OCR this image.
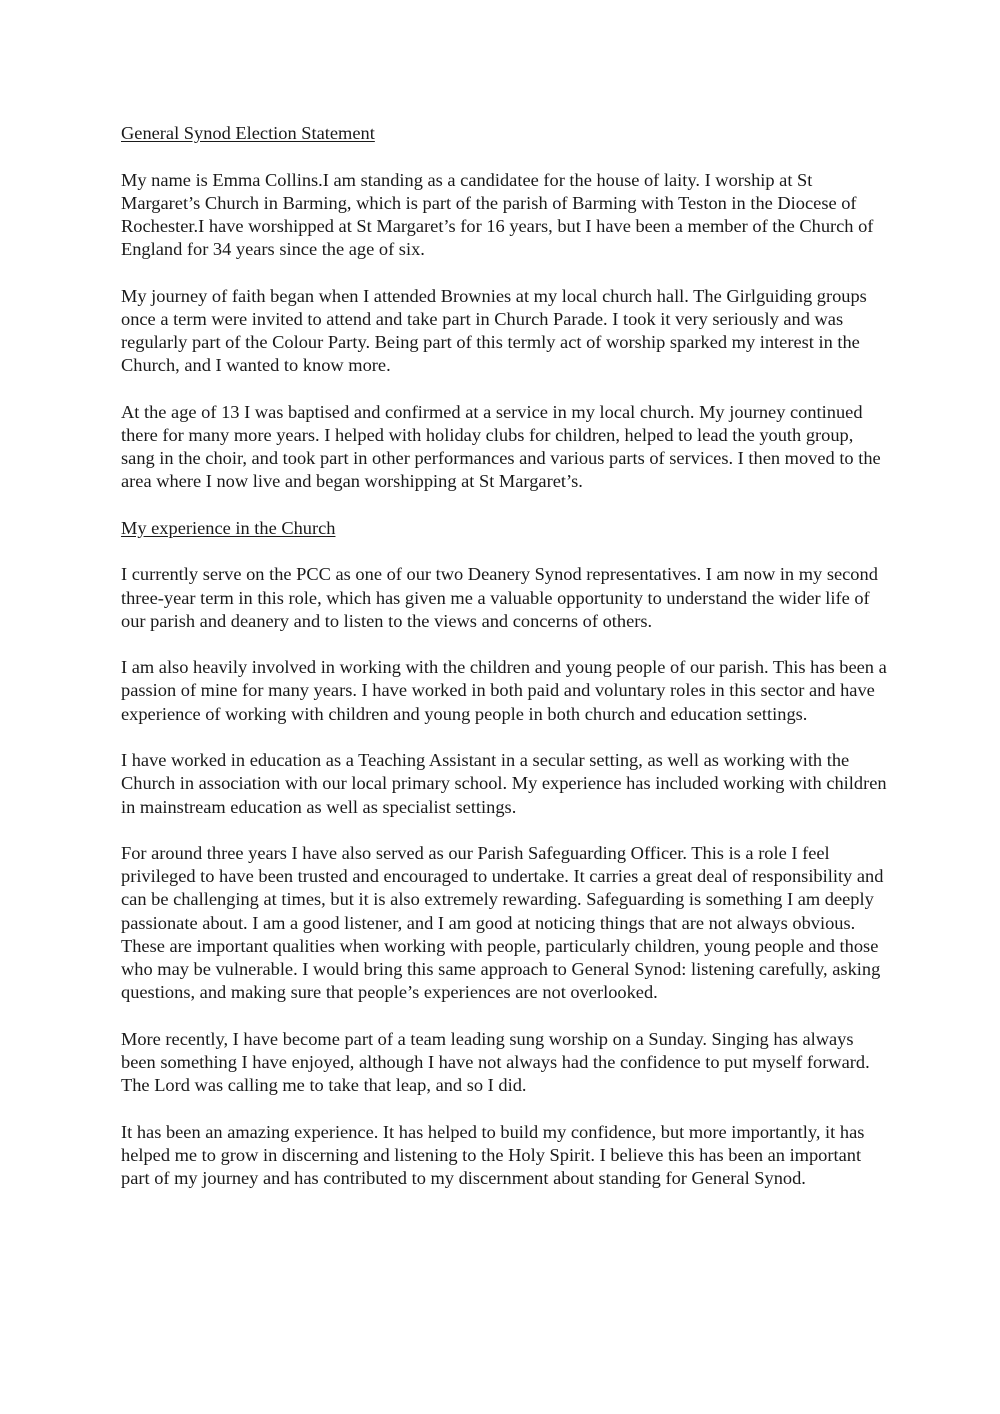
General Synod Election Statement

My name is Emma Collins.I am standing as a candidatee for the house of laity. I worship at St Margaret’s Church in Barming, which is part of the parish of Barming with Teston in the Diocese of Rochester.I have worshipped at St Margaret’s for 16 years, but I have been a member of the Church of England for 34 years since the age of six.

My journey of faith began when I attended Brownies at my local church hall. The Girlguiding groups once a term were invited to attend and take part in Church Parade. I took it very seriously and was regularly part of the Colour Party. Being part of this termly act of worship sparked my interest in the Church, and I wanted to know more.

At the age of 13 I was baptised and confirmed at a service in my local church. My journey continued there for many more years. I helped with holiday clubs for children, helped to lead the youth group, sang in the choir, and took part in other performances and various parts of services. I then moved to the area where I now live and began worshipping at St Margaret’s.

My experience in the Church

I currently serve on the PCC as one of our two Deanery Synod representatives. I am now in my second three-year term in this role, which has given me a valuable opportunity to understand the wider life of our parish and deanery and to listen to the views and concerns of others.

I am also heavily involved in working with the children and young people of our parish. This has been a passion of mine for many years. I have worked in both paid and voluntary roles in this sector and have experience of working with children and young people in both church and education settings.

I have worked in education as a Teaching Assistant in a secular setting, as well as working with the Church in association with our local primary school. My experience has included working with children in mainstream education as well as specialist settings.

For around three years I have also served as our Parish Safeguarding Officer. This is a role I feel privileged to have been trusted and encouraged to undertake. It carries a great deal of responsibility and can be challenging at times, but it is also extremely rewarding. Safeguarding is something I am deeply passionate about. I am a good listener, and I am good at noticing things that are not always obvious. These are important qualities when working with people, particularly children, young people and those who may be vulnerable. I would bring this same approach to General Synod: listening carefully, asking questions, and making sure that people’s experiences are not overlooked.

More recently, I have become part of a team leading sung worship on a Sunday. Singing has always been something I have enjoyed, although I have not always had the confidence to put myself forward. The Lord was calling me to take that leap, and so I did.

It has been an amazing experience. It has helped to build my confidence, but more importantly, it has helped me to grow in discerning and listening to the Holy Spirit. I believe this has been an important part of my journey and has contributed to my discernment about standing for General Synod.
